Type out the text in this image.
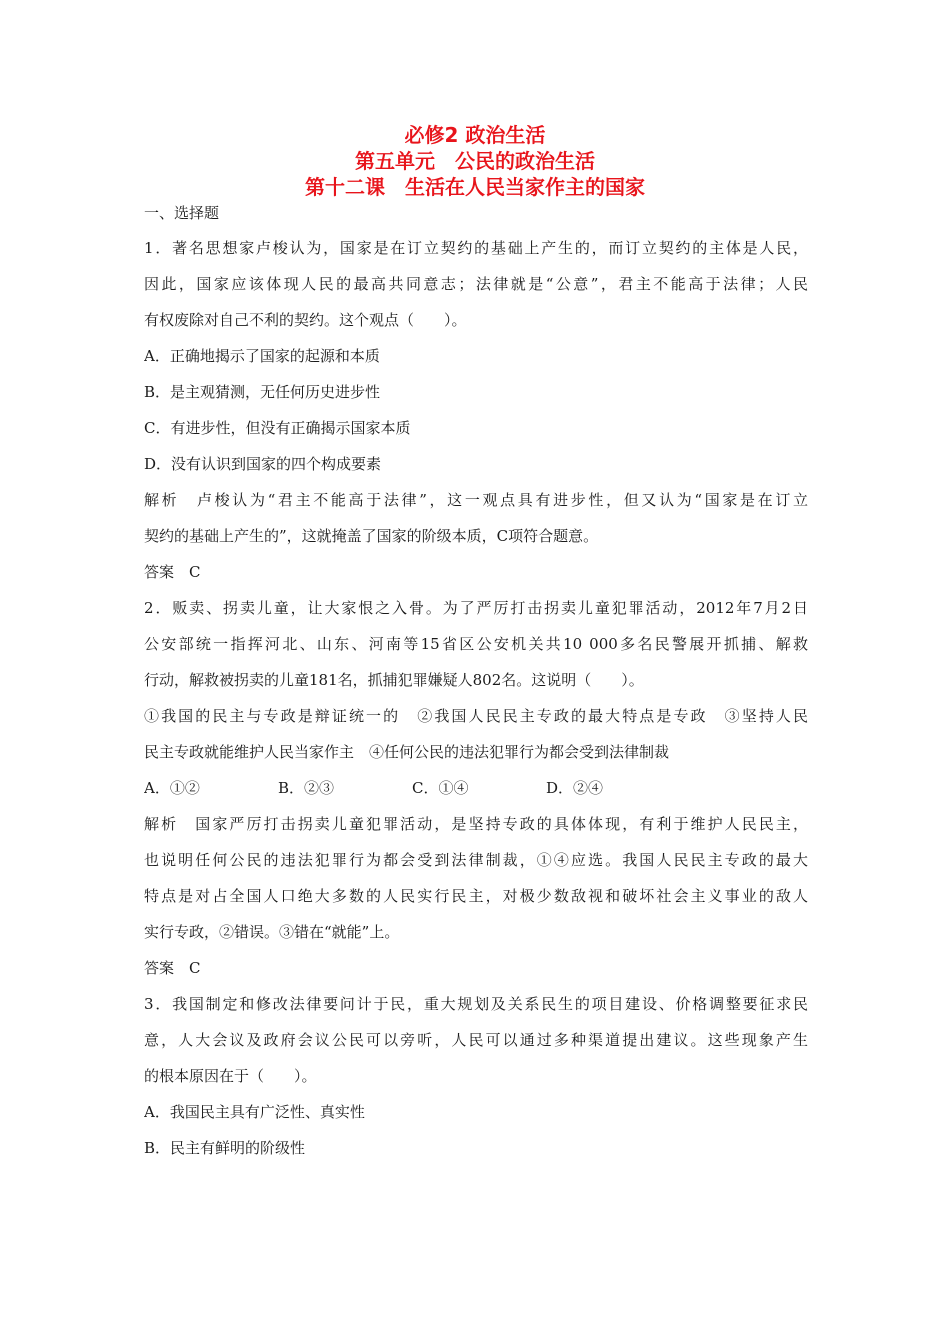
必修2 政治生活
第五单元　公民的政治生活
第十二课　生活在人民当家作主的国家
一、选择题
1．著名思想家卢梭认为，国家是在订立契约的基础上产生的，而订立契约的主体是人民，
因此，国家应该体现人民的最高共同意志；法律就是“公意”，君主不能高于法律；人民
有权废除对自己不利的契约。这个观点（　　）。
A．正确地揭示了国家的起源和本质
B．是主观猜测，无任何历史进步性
C．有进步性，但没有正确揭示国家本质
D．没有认识到国家的四个构成要素
解析　卢梭认为“君主不能高于法律”，这一观点具有进步性，但又认为“国家是在订立
契约的基础上产生的”，这就掩盖了国家的阶级本质，C项符合题意。
答案　C
2．贩卖、拐卖儿童，让大家恨之入骨。为了严厉打击拐卖儿童犯罪活动，2012年7月2日
公安部统一指挥河北、山东、河南等15省区公安机关共10 000多名民警展开抓捕、解救
行动，解救被拐卖的儿童181名，抓捕犯罪嫌疑人802名。这说明（　　）。
①我国的民主与专政是辩证统一的　②我国人民民主专政的最大特点是专政　③坚持人民
民主专政就能维护人民当家作主　④任何公民的违法犯罪行为都会受到法律制裁
A．①②	B．②③	C．①④	D．②④
解析　国家严厉打击拐卖儿童犯罪活动，是坚持专政的具体体现，有利于维护人民民主，
也说明任何公民的违法犯罪行为都会受到法律制裁，①④应选。我国人民民主专政的最大
特点是对占全国人口绝大多数的人民实行民主，对极少数敌视和破坏社会主义事业的敌人
实行专政，②错误。③错在“就能”上。
答案　C
3．我国制定和修改法律要问计于民，重大规划及关系民生的项目建设、价格调整要征求民
意，人大会议及政府会议公民可以旁听，人民可以通过多种渠道提出建议。这些现象产生
的根本原因在于（　　）。
A．我国民主具有广泛性、真实性
B．民主有鲜明的阶级性
